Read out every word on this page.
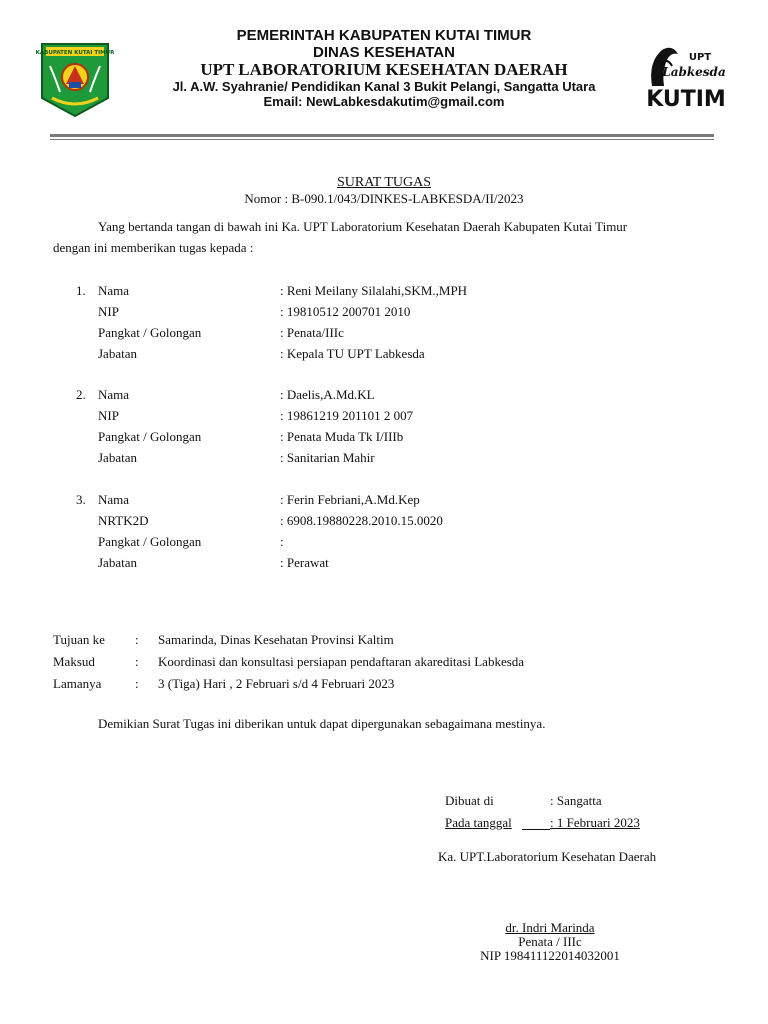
KABUPATEN KUTAI TIMUR	UPT
Labkesda
KUTIM
PEMERINTAH KABUPATEN KUTAI TIMUR
DINAS KESEHATAN
UPT LABORATORIUM KESEHATAN DAERAH
Jl. A.W. Syahranie/ Pendidikan Kanal 3 Bukit Pelangi, Sangatta Utara
Email: NewLabkesdakutim@gmail.com
SURAT TUGAS
Nomor : B-090.1/043/DINKES-LABKESDA/II/2023
Yang bertanda tangan di bawah ini Ka. UPT Laboratorium Kesehatan Daerah Kabupaten Kutai Timur
dengan ini memberikan tugas kepada :
1. Nama	: Reni Meilany Silalahi,SKM.,MPH
NIP	: 19810512 200701 2010
Pangkat / Golongan	: Penata/IIIc
Jabatan	: Kepala TU UPT Labkesda
2. Nama	: Daelis,A.Md.KL
NIP	: 19861219 201101 2 007
Pangkat / Golongan	: Penata Muda Tk I/IIIb
Jabatan	: Sanitarian Mahir
3. Nama	: Ferin Febriani,A.Md.Kep
NRTK2D	: 6908.19880228.2010.15.0020
Pangkat / Golongan	:
Jabatan	: Perawat
Tujuan ke : Samarinda, Dinas Kesehatan Provinsi Kaltim
Maksud	: Koordinasi dan konsultasi persiapan pendaftaran akareditasi Labkesda
Lamanya	: 3 (Tiga) Hari , 2 Februari s/d 4 Februari 2023
Demikian Surat Tugas ini diberikan untuk dapat dipergunakan sebagaimana mestinya.
Dibuat di	: Sangatta
Pada tanggal	: 1 Februari 2023
Ka. UPT.Laboratorium Kesehatan Daerah
dr. Indri Marinda
Penata / IIIc
NIP 198411122014032001
